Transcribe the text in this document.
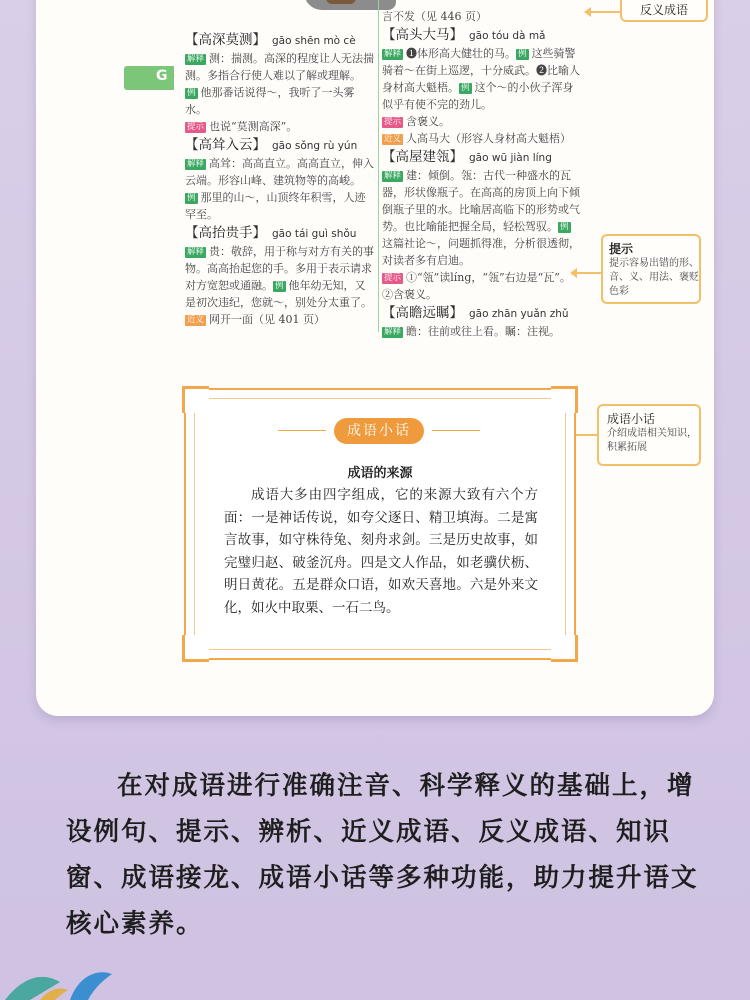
G
【高深莫测】 gāo shēn mò cè
解释 测：揣测。高深的程度让人无法揣测。多指合行使人难以了解或理解。例 他那番话说得～，我听了一头雾水。
提示 也说“莫测高深”。
【高耸入云】 gāo sǒng rù yún
解释 高耸：高高直立。高高直立，伸入云端。形容山峰、建筑物等的高峻。例 那里的山～，山顶终年积雪，人迹罕至。
【高抬贵手】 gāo tái guì shǒu
解释 贵：敬辞，用于称与对方有关的事物。高高抬起您的手。多用于表示请求对方宽恕或通融。 例 他年幼无知，又是初次违纪，您就～，别处分太重了。
近义 网开一面（见 401 页）
言不发（见 446 页）
【高头大马】 gāo tóu dà mǎ
解释 ❶体形高大健壮的马。 例 这些骑警骑着～在街上巡逻，十分威武。❷比喻人身材高大魁梧。 例 这个～的小伙子浑身似乎有使不完的劲儿。
提示 含褒义。
近义 人高马大（形容人身材高大魁梧）
【高屋建瓴】 gāo wū jiàn líng
解释 建：倾倒。瓴：古代一种盛水的瓦器，形状像瓶子。在高高的房顶上向下倾倒瓶子里的水。比喻居高临下的形势或气势。也比喻能把握全局，轻松驾驭。 例这篇社论～，问题抓得准，分析很透彻，对读者多有启迪。
提示 ①“瓴”读líng，“瓴”右边是“瓦”。②含褒义。
【高瞻远瞩】 gāo zhān yuǎn zhǔ
解释 瞻：往前或往上看。瞩：注视。
反义成语
提示
提示容易出错的形、音、义、用法、褒贬色彩
成语小话
介绍成语相关知识，积累拓展
成语小话
成语的来源
成语大多由四字组成，它的来源大致有六个方面：一是神话传说，如夸父逐日、精卫填海。二是寓言故事，如守株待兔、刻舟求剑。三是历史故事，如完璧归赵、破釜沉舟。四是文人作品，如老骥伏枥、明日黄花。五是群众口语，如欢天喜地。六是外来文化，如火中取栗、一石二鸟。
在对成语进行准确注音、科学释义的基础上，增设例句、提示、辨析、近义成语、反义成语、知识窗、成语接龙、成语小话等多种功能，助力提升语文核心素养。
